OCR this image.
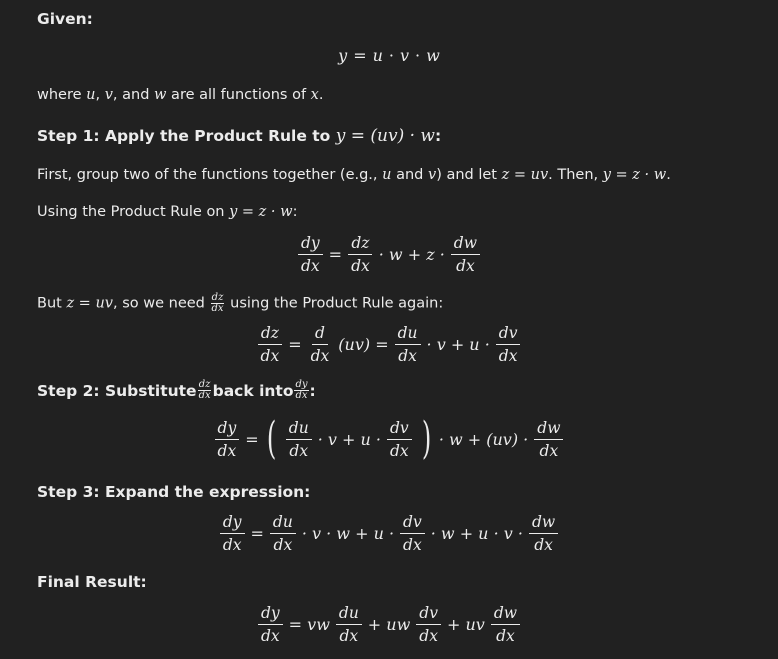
Given:
y = u · v · w
where u, v, and w are all functions of x.
Step 1: Apply the Product Rule to y = (uv) · w:
First, group two of the functions together (e.g., u and v) and let z = uv. Then, y = z · w.
Using the Product Rule on y = z · w:
$\frac{dy}{dx} = \frac{dz}{dx} \cdot w + z \cdot \frac{dw}{dx}$
But z = uv, so we need $\frac{dz}{dx}$ using the Product Rule again:
$\frac{dz}{dx} = \frac{d}{dx} (uv) = \frac{du}{dx} \cdot v + u \cdot \frac{dv}{dx}$
Step 2: Substitute $\frac{dz}{dx}$ back into $\frac{dy}{dx}$ :
$\frac{dy}{dx}$ = ( $\frac{du}{dx} \cdot v + u \cdot \frac{dv}{dx}$ ) · $w + (uv) \cdot \frac{dw}{dx}$
Step 3: Expand the expression:
$\frac{dy}{dx} = \frac{du}{dx} \cdot v \cdot w + u \cdot \frac{dv}{dx} \cdot w + u \cdot v \cdot \frac{dw}{dx}$
Final Result:
$\frac{dy}{dx}$ = vw $\frac{du}{dx}$ + uw $\frac{dv}{dx}$ + uv $\frac{dw}{dx}$
